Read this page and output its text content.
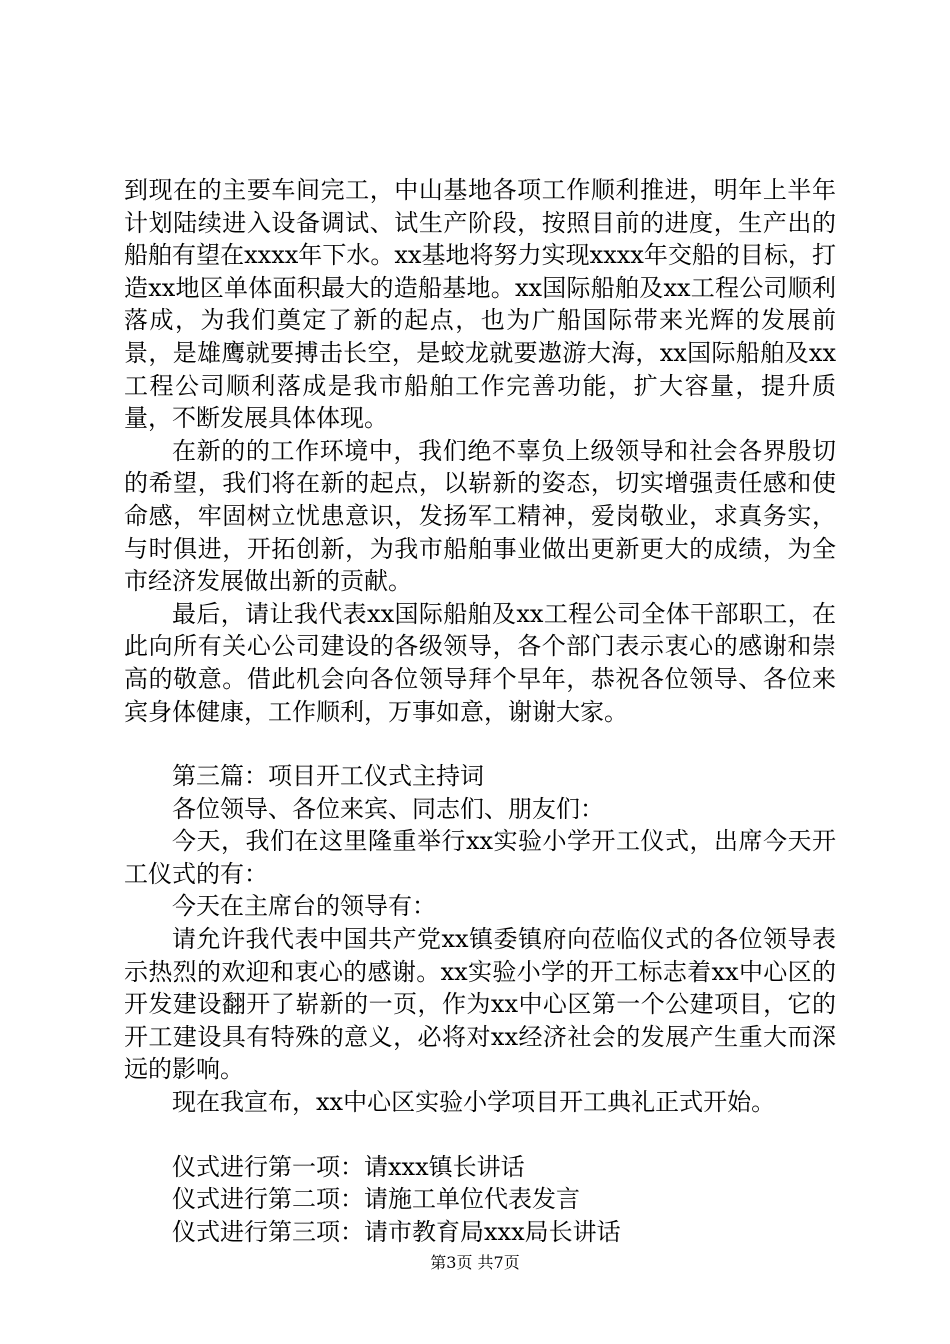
到现在的主要车间完工，中山基地各项工作顺利推进，明年上半年计划陆续进入设备调试、试生产阶段，按照目前的进度，生产出的船舶有望在xxxx年下水。xx基地将努力实现xxxx年交船的目标，打造xx地区单体面积最大的造船基地。xx国际船舶及xx工程公司顺利落成，为我们奠定了新的起点，也为广船国际带来光辉的发展前景，是雄鹰就要搏击长空，是蛟龙就要遨游大海，xx国际船舶及xx工程公司顺利落成是我市船舶工作完善功能，扩大容量，提升质量，不断发展具体体现。

在新的的工作环境中，我们绝不辜负上级领导和社会各界殷切的希望，我们将在新的起点，以崭新的姿态，切实增强责任感和使命感，牢固树立忧患意识，发扬军工精神，爱岗敬业，求真务实，与时俱进，开拓创新，为我市船舶事业做出更新更大的成绩，为全市经济发展做出新的贡献。

最后，请让我代表xx国际船舶及xx工程公司全体干部职工，在此向所有关心公司建设的各级领导，各个部门表示衷心的感谢和崇高的敬意。借此机会向各位领导拜个早年，恭祝各位领导、各位来宾身体健康，工作顺利，万事如意，谢谢大家。

第三篇：项目开工仪式主持词

各位领导、各位来宾、同志们、朋友们：

今天，我们在这里隆重举行xx实验小学开工仪式，出席今天开工仪式的有：

今天在主席台的领导有：

请允许我代表中国共产党xx镇委镇府向莅临仪式的各位领导表示热烈的欢迎和衷心的感谢。xx实验小学的开工标志着xx中心区的开发建设翻开了崭新的一页，作为xx中心区第一个公建项目，它的开工建设具有特殊的意义，必将对xx经济社会的发展产生重大而深远的影响。

现在我宣布，xx中心区实验小学项目开工典礼正式开始。

仪式进行第一项：请xxx镇长讲话

仪式进行第二项：请施工单位代表发言

仪式进行第三项：请市教育局xxx局长讲话

第3页 共7页
